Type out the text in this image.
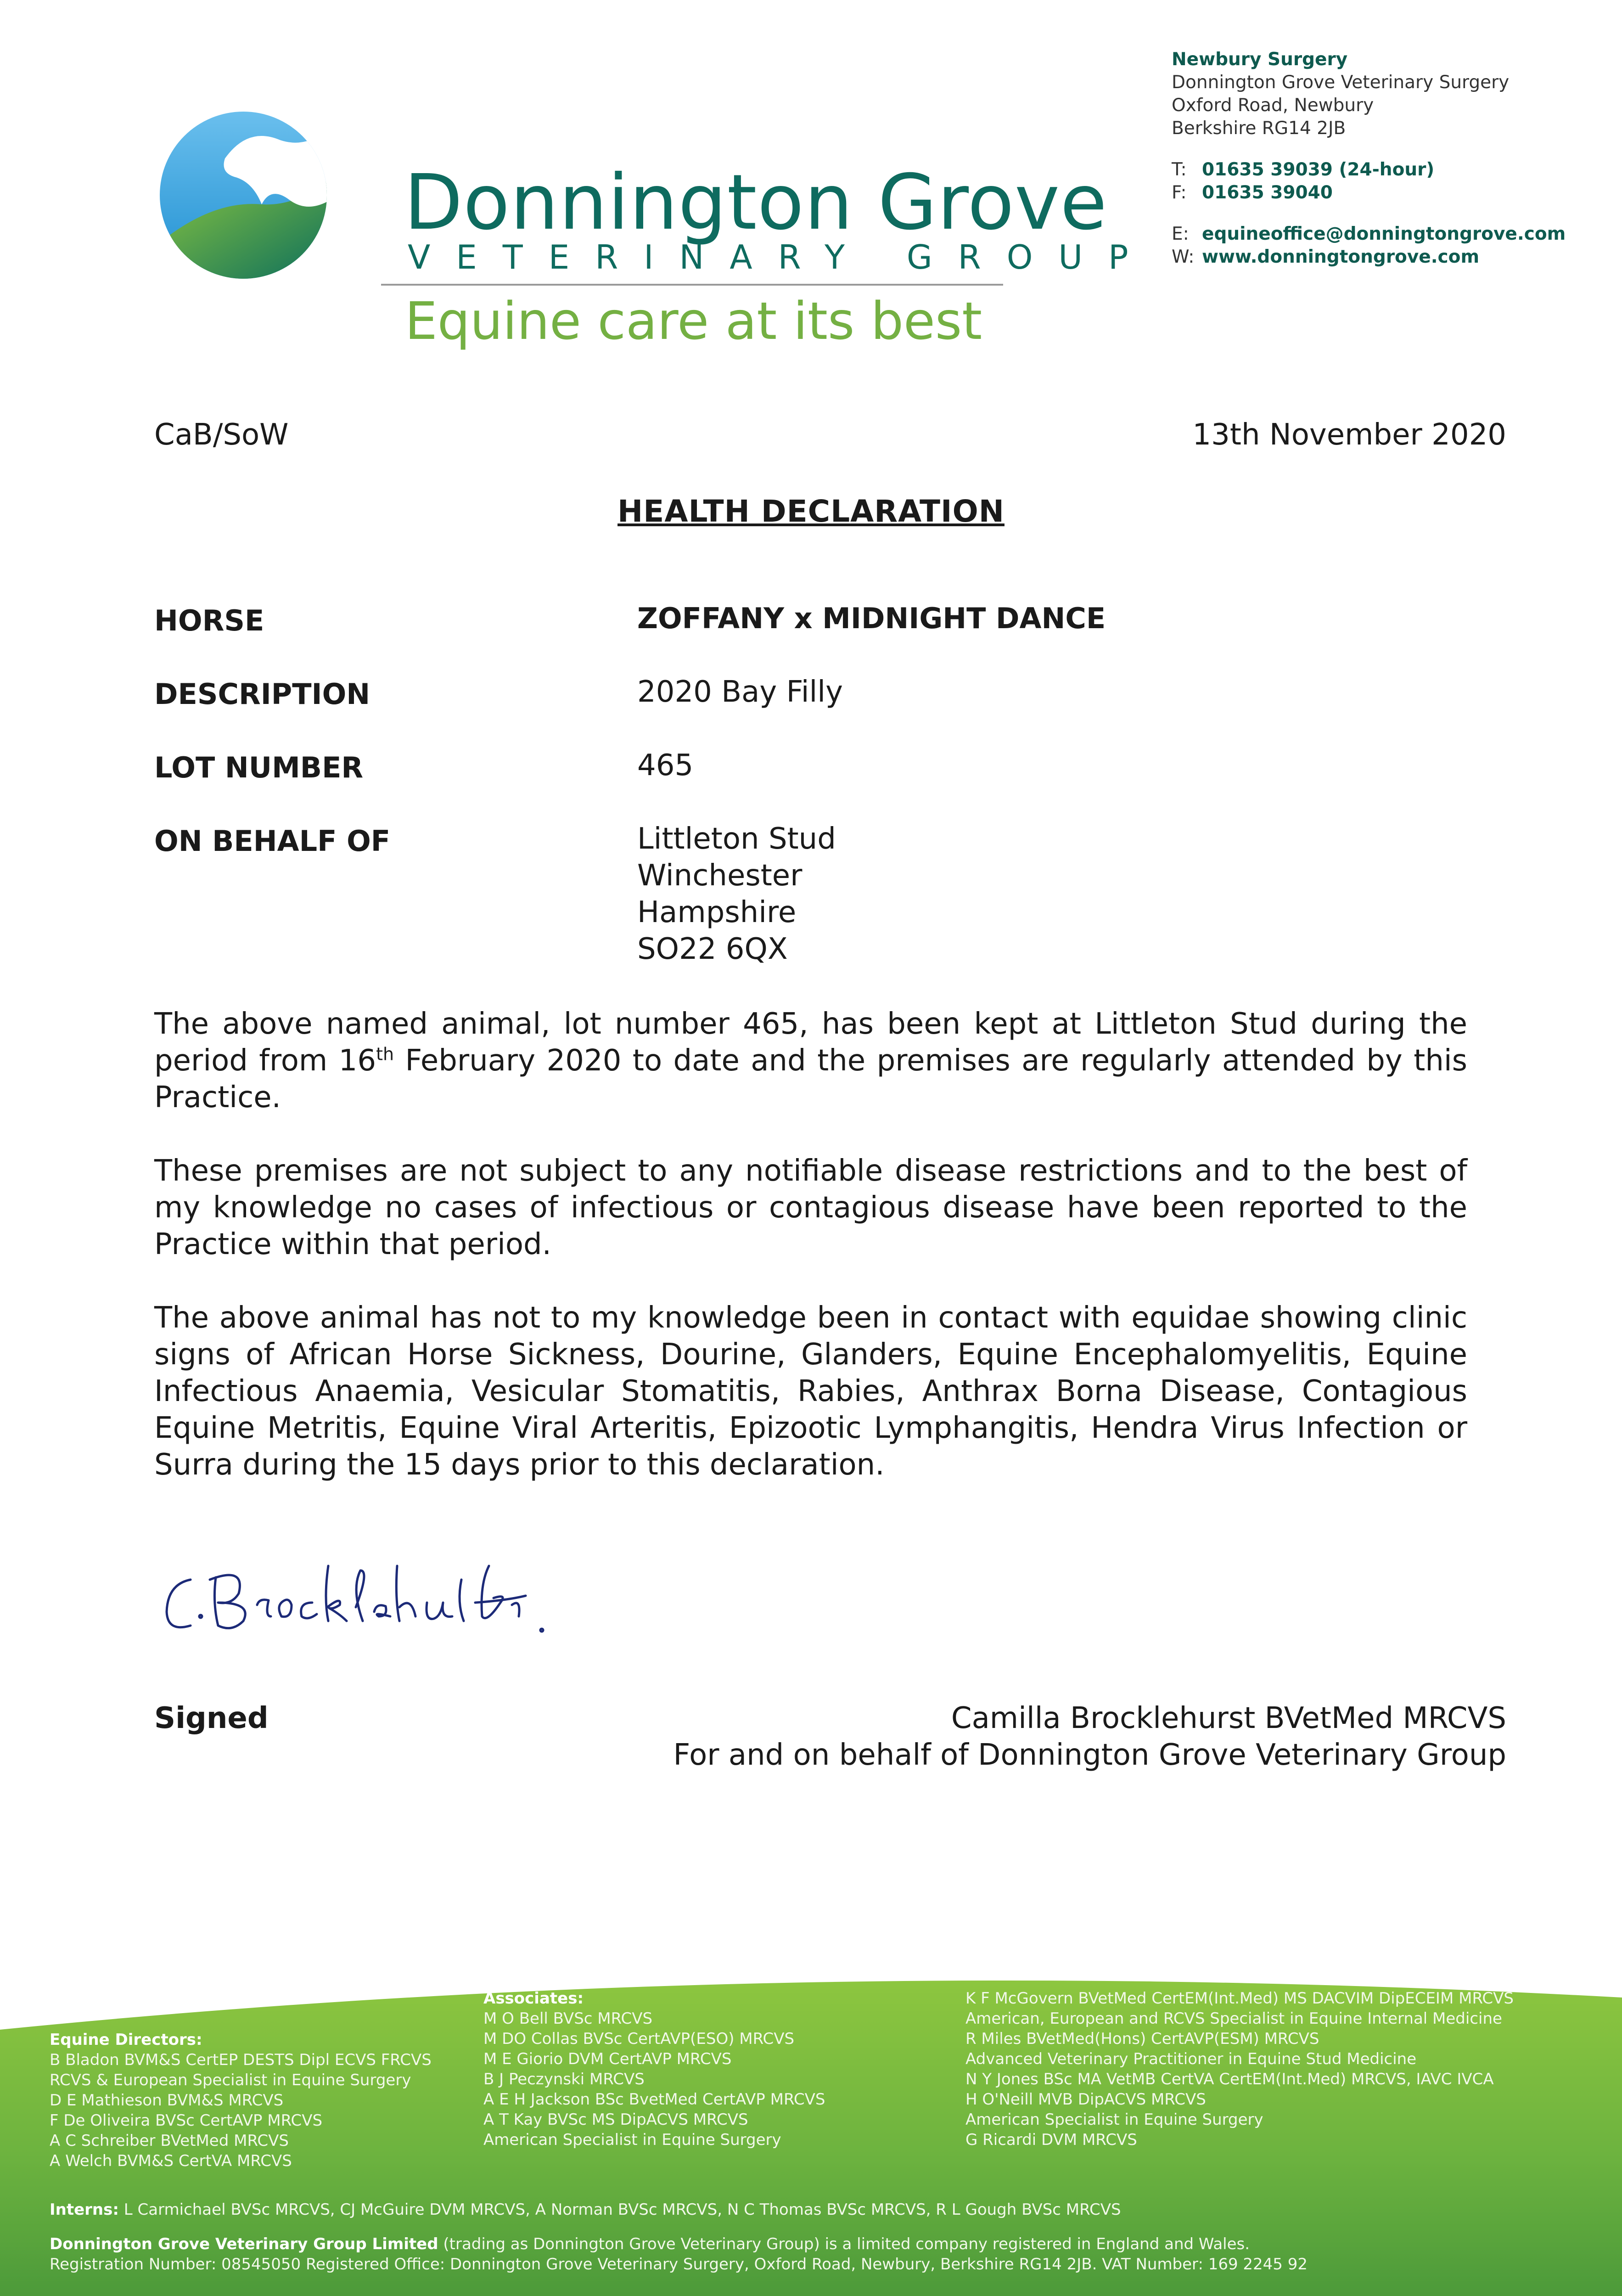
Donnington Grove
VETERINARY GROUP
Equine care at its best
Newbury Surgery
Donnington Grove Veterinary Surgery
Oxford Road, Newbury
Berkshire RG14 2JB
T: 01635 39039 (24-hour)
F: 01635 39040
E: equineoffice@donningtongrove.com
W: www.donningtongrove.com
CaB/SoW	13th November 2020
HEALTH DECLARATION
HORSE	ZOFFANY x MIDNIGHT DANCE
DESCRIPTION	2020 Bay Filly
LOT NUMBER	465
ON BEHALF OF	Littleton Stud
Winchester
Hampshire
SO22 6QX
The above named animal, lot number 465, has been kept at Littleton Stud during the period from 16th February 2020 to date and the premises are regularly attended by this Practice.
These premises are not subject to any notifiable disease restrictions and to the best of my knowledge no cases of infectious or contagious disease have been reported to the Practice within that period.
The above animal has not to my knowledge been in contact with equidae showing clinic signs of African Horse Sickness, Dourine, Glanders, Equine Encephalomyelitis, Equine Infectious Anaemia, Vesicular Stomatitis, Rabies, Anthrax Borna Disease, Contagious Equine Metritis, Equine Viral Arteritis, Epizootic Lymphangitis, Hendra Virus Infection or Surra during the 15 days prior to this declaration.
Signed	Camilla Brocklehurst BVetMed MRCVS
For and on behalf of Donnington Grove Veterinary Group
Equine Directors:
B Bladon BVM&S CertEP DESTS Dipl ECVS FRCVS
RCVS & European Specialist in Equine Surgery
D E Mathieson BVM&S MRCVS
F De Oliveira BVSc CertAVP MRCVS
A C Schreiber BVetMed MRCVS
A Welch BVM&S CertVA MRCVS
Associates:
M O Bell BVSc MRCVS
M DO Collas BVSc CertAVP(ESO) MRCVS
M E Giorio DVM CertAVP MRCVS
B J Peczynski MRCVS
A E H Jackson BSc BvetMed CertAVP MRCVS
A T Kay BVSc MS DipACVS MRCVS
American Specialist in Equine Surgery
K F McGovern BVetMed CertEM(Int.Med) MS DACVIM DipECEIM MRCVS
American, European and RCVS Specialist in Equine Internal Medicine
R Miles BVetMed(Hons) CertAVP(ESM) MRCVS
Advanced Veterinary Practitioner in Equine Stud Medicine
N Y Jones BSc MA VetMB CertVA CertEM(Int.Med) MRCVS, IAVC IVCA
H O'Neill MVB DipACVS MRCVS
American Specialist in Equine Surgery
G Ricardi DVM MRCVS
Interns: L Carmichael BVSc MRCVS, CJ McGuire DVM MRCVS, A Norman BVSc MRCVS, N C Thomas BVSc MRCVS, R L Gough BVSc MRCVS
Donnington Grove Veterinary Group Limited (trading as Donnington Grove Veterinary Group) is a limited company registered in England and Wales.
Registration Number: 08545050 Registered Office: Donnington Grove Veterinary Surgery, Oxford Road, Newbury, Berkshire RG14 2JB. VAT Number: 169 2245 92
